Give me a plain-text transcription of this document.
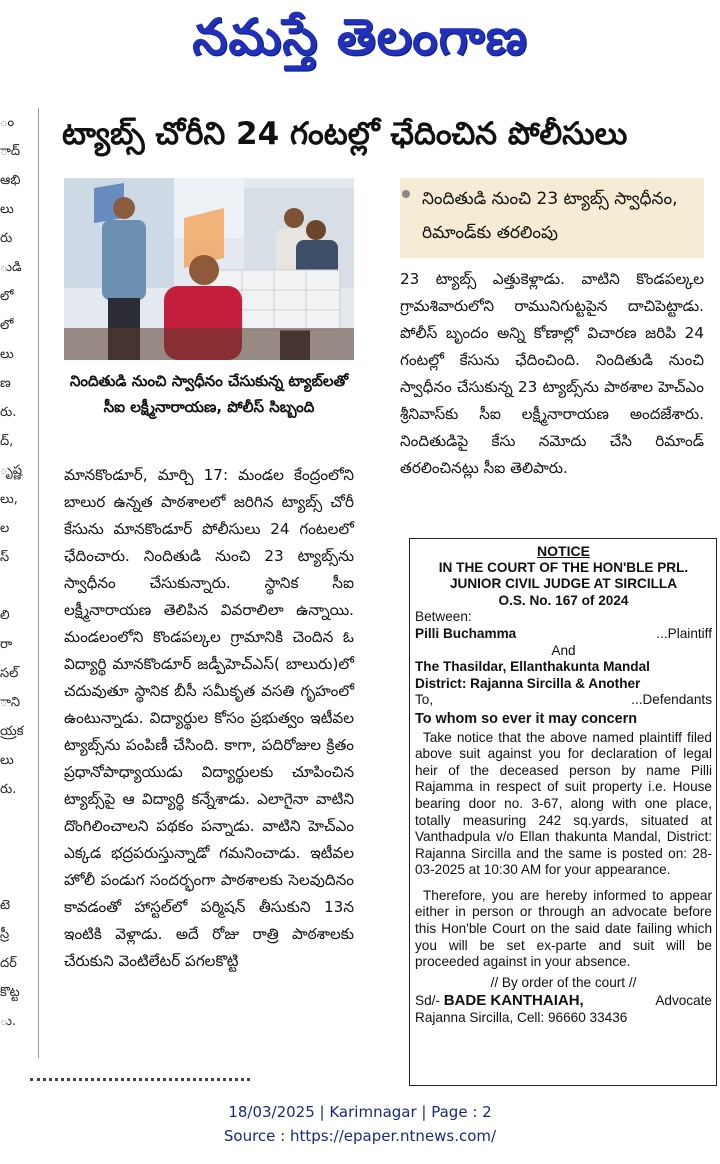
నమస్తే తెలంగాణ
ం
ాద్
ఆభి
లు
రు
ుడి
లో
లో
లు
ణ
రు.
ద్,
ృష్ణ
లు,
ల
స్

లి
రా
సల్
ాని
య్రక
లు
రు.

టె
స్రీ
దర్
కొట్ట
ు.
ట్యాబ్స్ చోరీని 24 గంటల్లో ఛేదించిన పోలీసులు
నిందితుడి నుంచి స్వాధీనం చేసుకున్న ట్యాబ్‌లతో సీఐ లక్ష్మీనారాయణ, పోలీస్ సిబ్బంది

మానకొండూర్, మార్చి 17: మండల కేంద్రంలోని బాలుర ఉన్నత పాఠశాలలో జరిగిన ట్యాబ్స్ చోరీ కేసును మానకొండూర్ పోలీసులు 24 గంటలలో ఛేదించారు. నిందితుడి నుంచి 23 ట్యాబ్స్‌ను స్వాధీనం చేసుకున్నారు. స్థానిక సీఐ లక్ష్మీనారాయణ తెలిపిన వివరాలిలా ఉన్నాయి. మండలంలోని కొండపల్కల గ్రామానికి చెందిన ఓ విద్యార్థి మానకొండూర్ జడ్పీహెచ్ఎస్( బాలురు)లో చదువుతూ స్థానిక బీసీ సమీకృత వసతి గృహంలో ఉంటున్నాడు. విద్యార్థుల కోసం ప్రభుత్వం ఇటీవల ట్యాబ్స్‌ను పంపిణీ చేసింది. కాగా, పదిరోజుల క్రితం ప్రధానోపాధ్యాయుడు విద్యార్థులకు చూపించిన ట్యాబ్స్‌పై ఆ విద్యార్థి కన్నేశాడు. ఎలాగైనా వాటిని దొంగిలించాలని పథకం పన్నాడు. వాటిని హెచ్ఎం ఎక్కడ భద్రపరుస్తున్నాడో గమనించాడు. ఇటీవల హోలీ పండుగ సందర్భంగా పాఠశాలకు సెలవుదినం కావడంతో హాస్టల్‌లో పర్మిషన్ తీసుకుని 13న ఇంటికి వెళ్లాడు. అదే రోజు రాత్రి పాఠశాలకు చేరుకుని వెంటిలేటర్ పగలకొట్టి

నిందితుడి నుంచి 23 ట్యాబ్స్ స్వాధీనం, రిమాండ్‌కు తరలింపు

23 ట్యాబ్స్ ఎత్తుకెళ్లాడు. వాటిని కొండపల్కల గ్రామశివారులోని రామునిగుట్టపైన దాచిపెట్టాడు. పోలీస్ బృందం అన్ని కోణాల్లో విచారణ జరిపి 24 గంటల్లో కేసును ఛేదించింది. నిందితుడి నుంచి స్వాధీనం చేసుకున్న 23 ట్యాబ్స్‌ను పాఠశాల హెచ్ఎం శ్రీనివాస్‌కు సీఐ లక్ష్మీనారాయణ అందజేశారు. నిందితుడిపై కేసు నమోదు చేసి రిమాండ్ తరలించినట్లు సీఐ తెలిపారు.

NOTICE
IN THE COURT OF THE HON'BLE PRL.
JUNIOR CIVIL JUDGE AT SIRCILLA
O.S. No. 167 of 2024
Between:
Pilli Buchamma	...Plaintiff
And
The Thasildar, Ellanthakunta Mandal
District: Rajanna Sircilla & Another
To,	...Defendants
To whom so ever it may concern
Take notice that the above named plaintiff filed above suit against you for declaration of legal heir of the deceased person by name Pilli Rajamma in respect of suit property i.e. House bearing door no. 3-67, along with one place, totally measuring 242 sq.yards, situated at Vanthadpula v/o Ellan thakunta Mandal, District: Rajanna Sircilla and the same is posted on: 28-03-2025 at 10:30 AM for your appearance.
Therefore, you are hereby informed to appear either in person or through an advocate before this Hon'ble Court on the said date failing which you will be set ex-parte and suit will be proceeded against in your absence.
// By order of the court //
Sd/- BADE KANTHAIAH,	Advocate
Rajanna Sircilla, Cell: 96660 33436
18/03/2025 | Karimnagar | Page : 2
Source : https://epaper.ntnews.com/
